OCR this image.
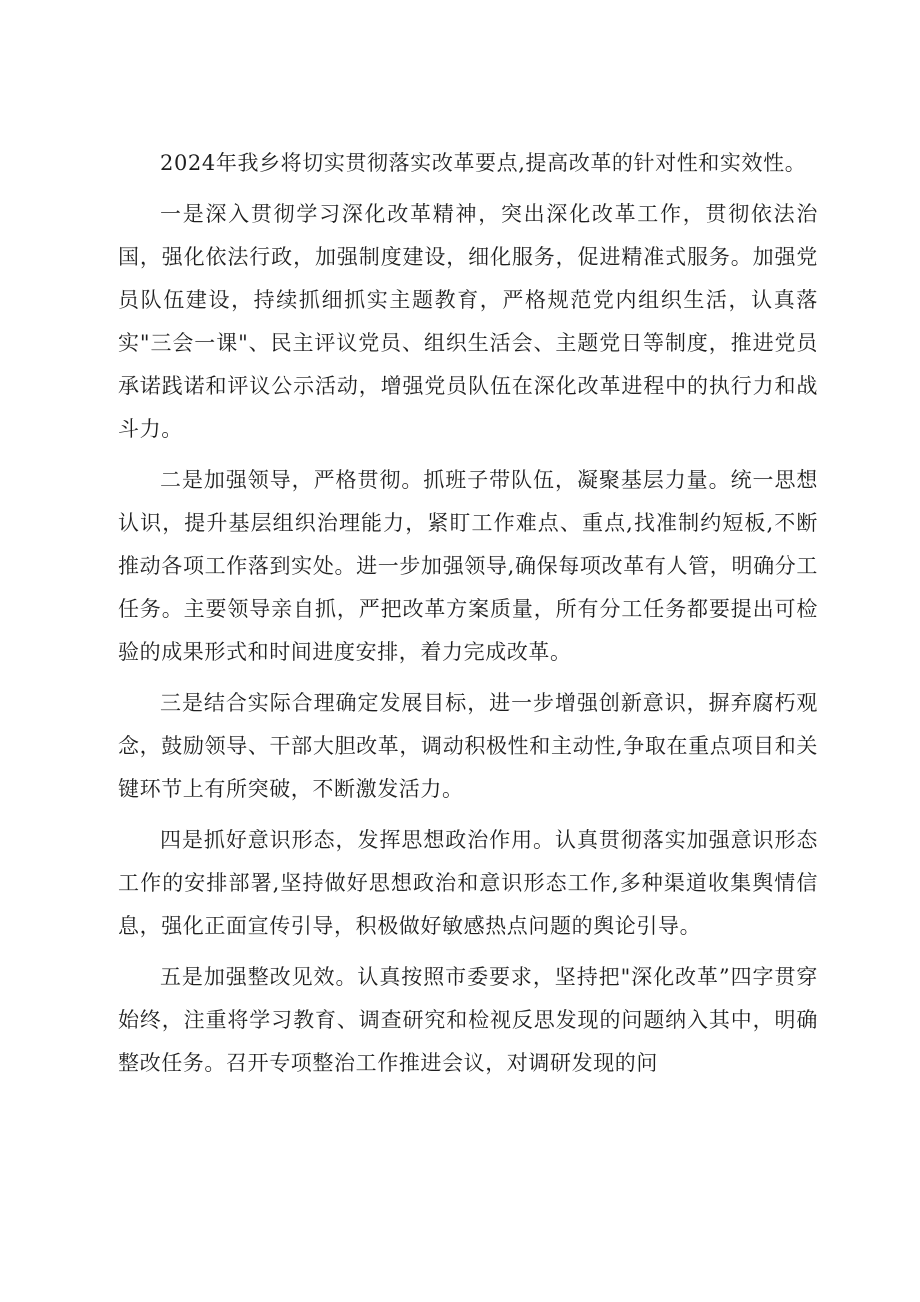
2024年我乡将切实贯彻落实改革要点,提高改革的针对性和实效性。

一是深入贯彻学习深化改革精神，突出深化改革工作，贯彻依法治国，强化依法行政，加强制度建设，细化服务，促进精准式服务。加强党员队伍建设，持续抓细抓实主题教育，严格规范党内组织生活，认真落实"三会一课"、民主评议党员、组织生活会、主题党日等制度，推进党员承诺践诺和评议公示活动，增强党员队伍在深化改革进程中的执行力和战斗力。

二是加强领导，严格贯彻。抓班子带队伍，凝聚基层力量。统一思想认识，提升基层组织治理能力，紧盯工作难点、重点,找准制约短板,不断推动各项工作落到实处。进一步加强领导,确保每项改革有人管，明确分工任务。主要领导亲自抓，严把改革方案质量，所有分工任务都要提出可检验的成果形式和时间进度安排，着力完成改革。

三是结合实际合理确定发展目标，进一步增强创新意识，摒弃腐朽观念，鼓励领导、干部大胆改革，调动积极性和主动性,争取在重点项目和关键环节上有所突破，不断激发活力。

四是抓好意识形态，发挥思想政治作用。认真贯彻落实加强意识形态工作的安排部署,坚持做好思想政治和意识形态工作,多种渠道收集舆情信息，强化正面宣传引导，积极做好敏感热点问题的舆论引导。

五是加强整改见效。认真按照市委要求，坚持把"深化改革”四字贯穿始终，注重将学习教育、调查研究和检视反思发现的问题纳入其中，明确整改任务。召开专项整治工作推进会议，对调研发现的问
